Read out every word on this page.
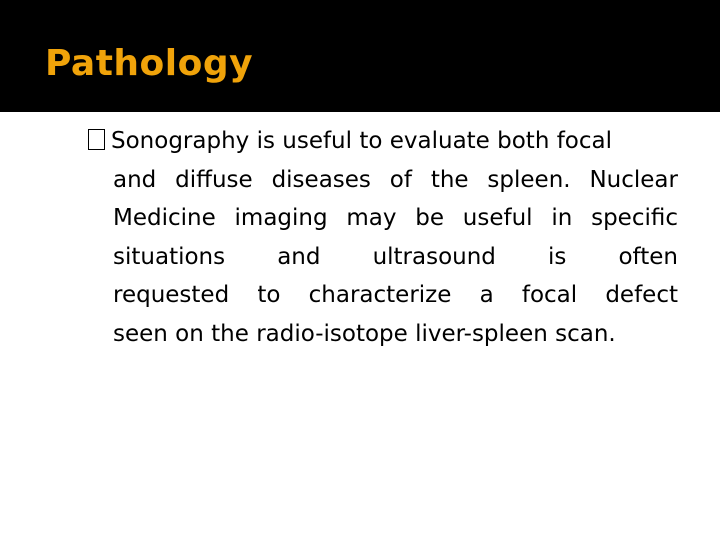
Pathology
Sonography is useful to evaluate both focal
and diffuse diseases of the spleen. Nuclear
Medicine imaging may be useful in specific
situations and ultrasound is often
requested to characterize a focal defect
seen on the radio-isotope liver-spleen scan.
